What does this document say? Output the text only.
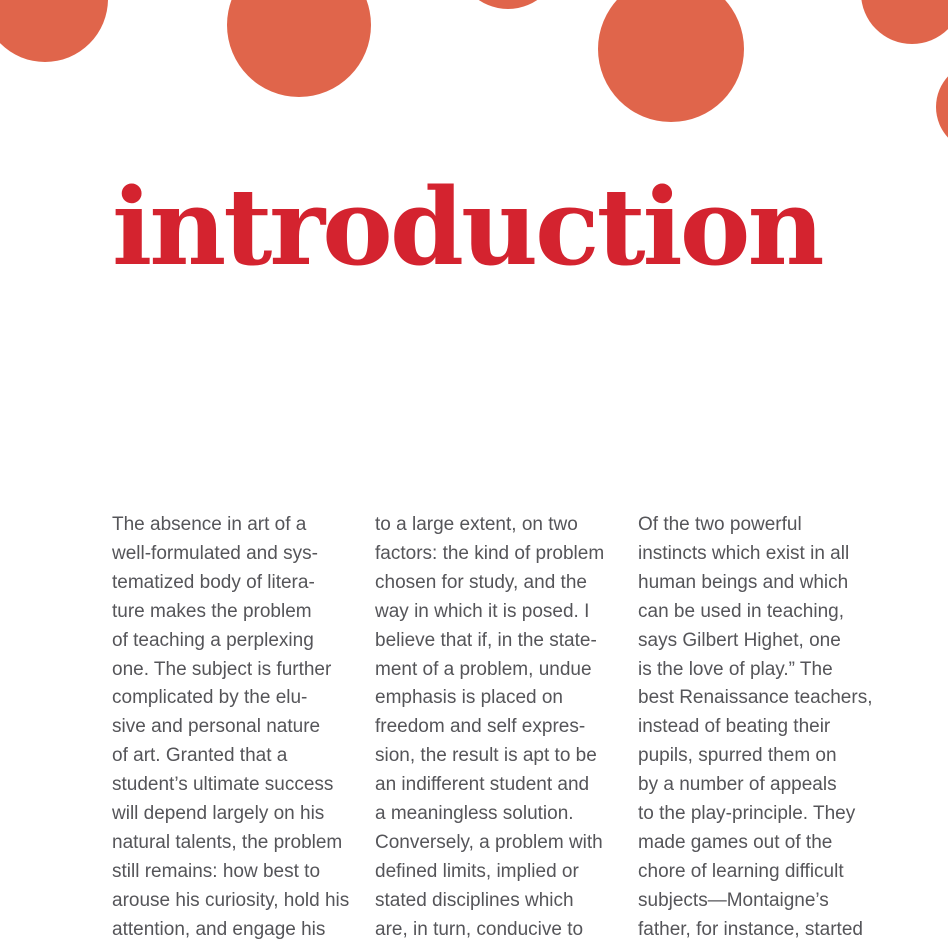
introduction
The absence in art of a
well-formulated and sys-
tematized body of litera-
ture makes the problem
of teaching a perplexing
one. The subject is further
complicated by the elu-
sive and personal nature
of art. Granted that a
student’s ultimate success
will depend largely on his
natural talents, the problem
still remains: how best to
arouse his curiosity, hold his
attention, and engage his
to a large extent, on two
factors: the kind of problem
chosen for study, and the
way in which it is posed. I
believe that if, in the state-
ment of a problem, undue
emphasis is placed on
freedom and self expres-
sion, the result is apt to be
an indifferent student and
a meaningless solution.
Conversely, a problem with
defined limits, implied or
stated disciplines which
are, in turn, conducive to
Of the two powerful
instincts which exist in all
human beings and which
can be used in teaching,
says Gilbert Highet, one
is the love of play.” The
best Renaissance teachers,
instead of beating their
pupils, spurred them on
by a number of appeals
to the play-principle. They
made games out of the
chore of learning difficult
subjects—Montaigne’s
father, for instance, started
